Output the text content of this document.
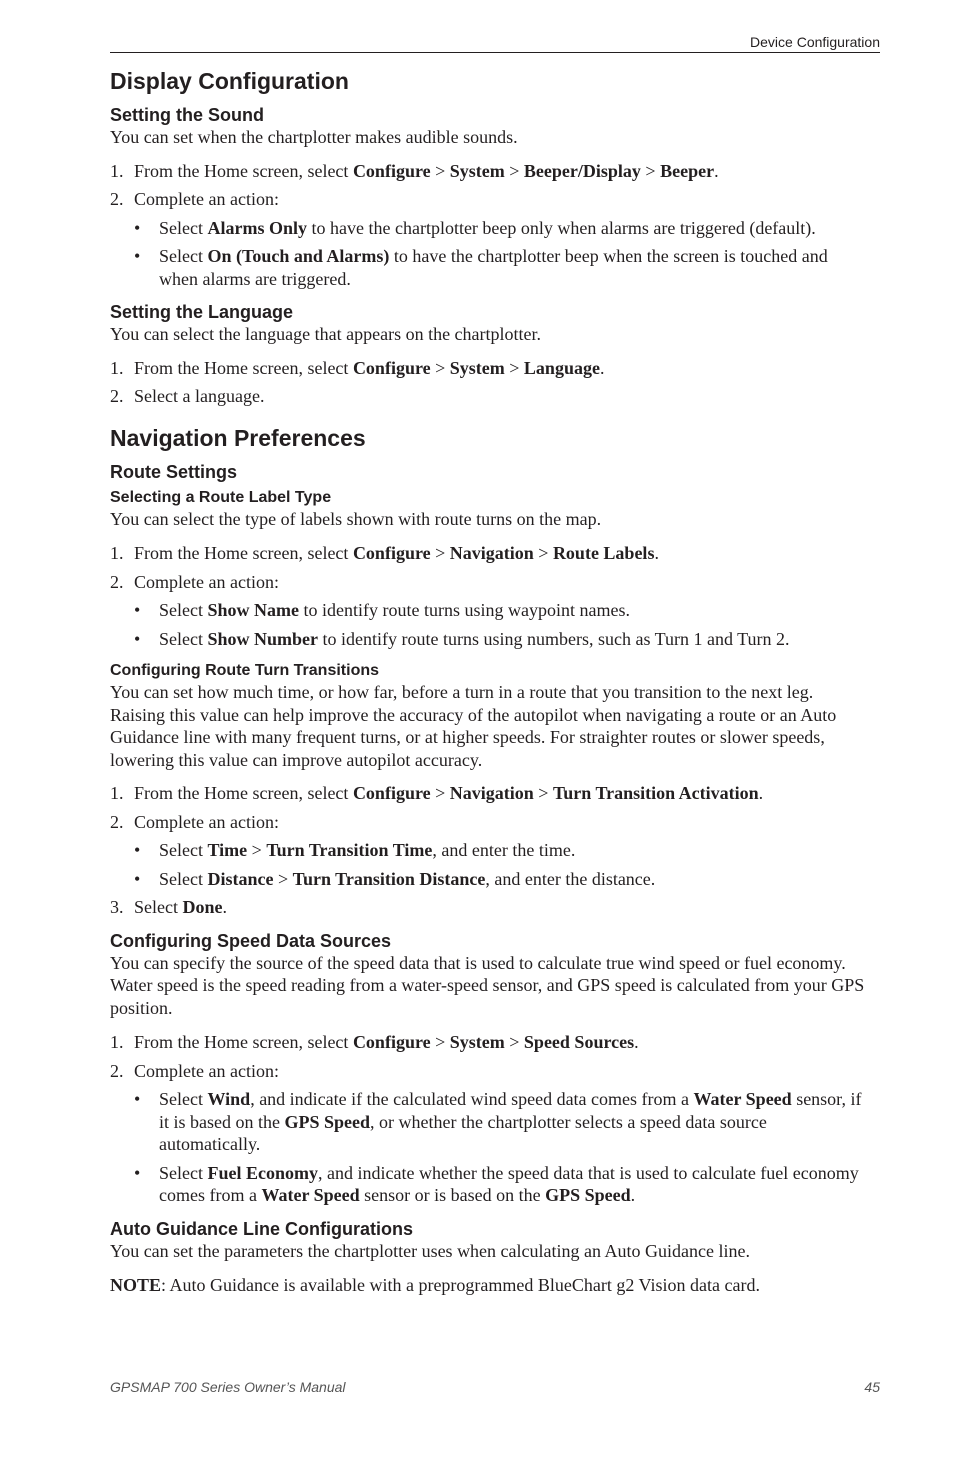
Device Configuration
Display Configuration
Setting the Sound

You can set when the chartplotter makes audible sounds.

1. From the Home screen, select Configure > System > Beeper/Display > Beeper.
2. Complete an action:
• Select Alarms Only to have the chartplotter beep only when alarms are triggered (default).
• Select On (Touch and Alarms) to have the chartplotter beep when the screen is touched and when alarms are triggered.
Setting the Language

You can select the language that appears on the chartplotter.

1. From the Home screen, select Configure > System > Language.
2. Select a language.
Navigation Preferences
Route Settings
Selecting a Route Label Type

You can select the type of labels shown with route turns on the map.

1. From the Home screen, select Configure > Navigation > Route Labels.
2. Complete an action:
• Select Show Name to identify route turns using waypoint names.
• Select Show Number to identify route turns using numbers, such as Turn 1 and Turn 2.
Configuring Route Turn Transitions

You can set how much time, or how far, before a turn in a route that you transition to the next leg. Raising this value can help improve the accuracy of the autopilot when navigating a route or an Auto Guidance line with many frequent turns, or at higher speeds. For straighter routes or slower speeds, lowering this value can improve autopilot accuracy.

1. From the Home screen, select Configure > Navigation > Turn Transition Activation.
2. Complete an action:
• Select Time > Turn Transition Time, and enter the time.
• Select Distance > Turn Transition Distance, and enter the distance.
3. Select Done.
Configuring Speed Data Sources

You can specify the source of the speed data that is used to calculate true wind speed or fuel economy. Water speed is the speed reading from a water-speed sensor, and GPS speed is calculated from your GPS position.

1. From the Home screen, select Configure > System > Speed Sources.
2. Complete an action:
• Select Wind, and indicate if the calculated wind speed data comes from a Water Speed sensor, if it is based on the GPS Speed, or whether the chartplotter selects a speed data source automatically.
• Select Fuel Economy, and indicate whether the speed data that is used to calculate fuel economy comes from a Water Speed sensor or is based on the GPS Speed.
Auto Guidance Line Configurations

You can set the parameters the chartplotter uses when calculating an Auto Guidance line.

NOTE: Auto Guidance is available with a preprogrammed BlueChart g2 Vision data card.

GPSMAP 700 Series Owner’s Manual	45
